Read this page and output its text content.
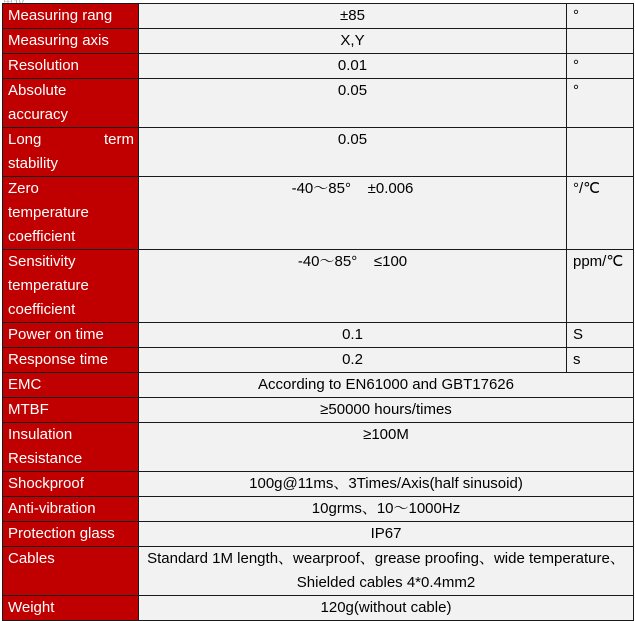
Measuring rang	±85	°
Measuring axis	X,Y	
Resolution	0.01	°

Absolute
accuracy	0.05	°

Long term
stability	0.05	

Zero
temperature
coefficient	-40～85°    ±0.006	°/℃

Sensitivity
temperature
coefficient	-40～85°    ≤100	ppm/℃
Power on time	0.1	S
Response time	0.2	s
EMC	According to EN61000 and GBT17626	
MTBF	≥50000 hours/times	

Insulation
Resistance	≥100M	
Shockproof	100g@11ms、3Times/Axis(half sinusoid)	
Anti-vibration	10grms、10～1000Hz	
Protection glass	IP67	
Cables	Standard 1M length、wearproof、grease proofing、wide temperature、
Shielded cables 4*0.4mm2	

Weight	120g(without cable)	
